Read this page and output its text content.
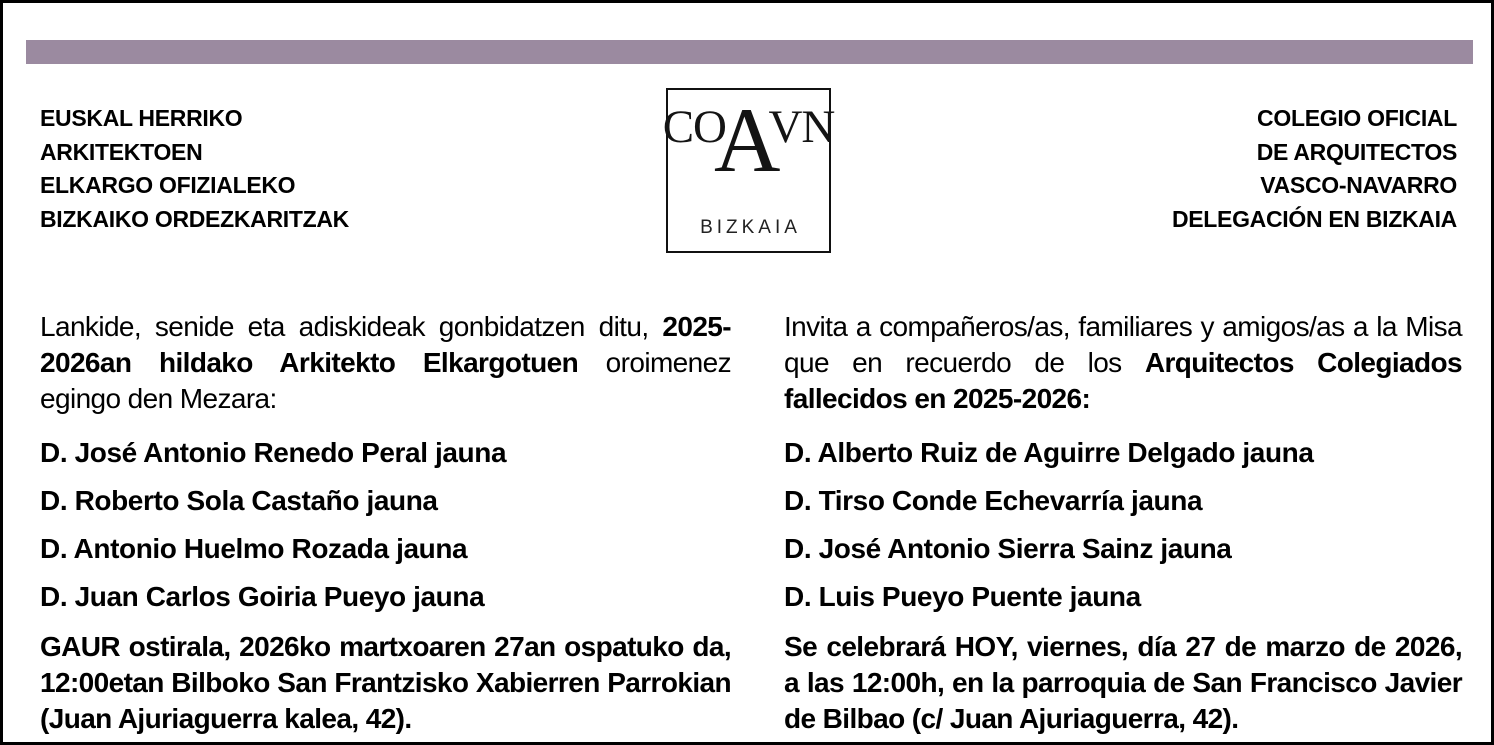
EUSKAL HERRIKO
ARKITEKTOEN
ELKARGO OFIZIALEKO
BIZKAIKO ORDEZKARITZAK
CO
A
VN
BIZKAIA
COLEGIO OFICIAL
DE ARQUITECTOS
VASCO-NAVARRO
DELEGACIÓN EN BIZKAIA

Lankide, senide eta adiskideak gonbidatzen ditu, 2025-2026an hildako Arkitekto Elkargotuen oroimenez egingo den Mezara:

D. José Antonio Renedo Peral jauna
D. Roberto Sola Castaño jauna
D. Antonio Huelmo Rozada jauna
D. Juan Carlos Goiria Pueyo jauna

GAUR ostirala, 2026ko martxoaren 27an ospatuko da, 12:00etan Bilboko San Frantzisko Xabierren Parrokian (Juan Ajuriaguerra kalea, 42).

Invita a compañeros/as, familiares y amigos/as a la Misa que en recuerdo de los Arquitectos Colegiados fallecidos en 2025-2026:

D. Alberto Ruiz de Aguirre Delgado jauna
D. Tirso Conde Echevarría jauna
D. José Antonio Sierra Sainz jauna
D. Luis Pueyo Puente jauna

Se celebrará HOY, viernes, día 27 de marzo de 2026, a las 12:00h, en la parroquia de San Francisco Javier de Bilbao (c/ Juan Ajuriaguerra, 42).
